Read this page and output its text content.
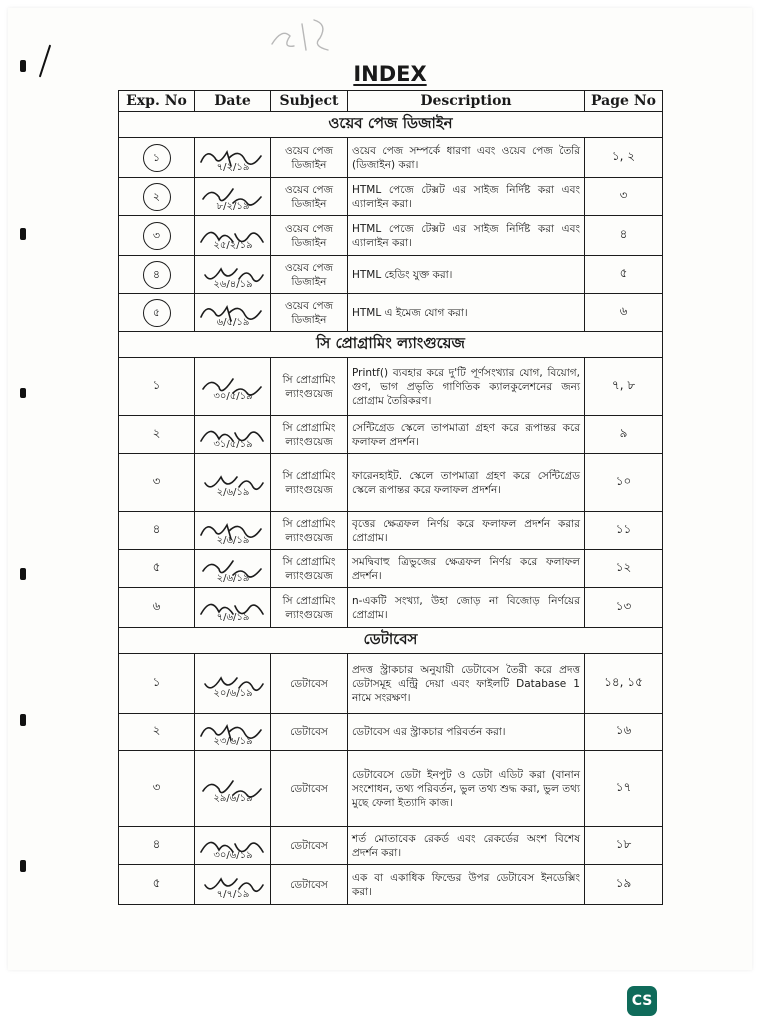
INDEX
Exp. No	Date	Subject	Description	Page No
ওয়েব পেজ ডিজাইন				
১	৭/২/১৯	ওয়েব পেজ ডিজাইন	ওয়েব পেজ সম্পর্কে ধারণা এবং ওয়েব পেজ তৈরি (ডিজাইন) করা।	১, ২
২	৮/২/১৯	ওয়েব পেজ ডিজাইন	HTML পেজে টেক্সট এর সাইজ নির্দিষ্ট করা এবং এ্যালাইন করা।	৩
৩	২৫/২/১৯	ওয়েব পেজ ডিজাইন	HTML পেজে টেক্সট এর সাইজ নির্দিষ্ট করা এবং এ্যালাইন করা।	৪
৪	২৬/৪/১৯	ওয়েব পেজ ডিজাইন	HTML হেডিং যুক্ত করা।	৫
৫	৬/৫/১৯	ওয়েব পেজ ডিজাইন	HTML এ ইমেজ যোগ করা।	৬
সি প্রোগ্রামিং ল্যাংগুয়েজ				
১	৩০/৫/১৯	সি প্রোগ্রামিং ল্যাংগুয়েজ	Printf() ব্যবহার করে দু'টি পূর্ণসংখ্যার যোগ, বিয়োগ, গুণ, ভাগ প্রভৃতি গাণিতিক ক্যালকুলেশনের জন্য প্রোগ্রাম তৈরিকরণ।	৭, ৮
২	৩১/৫/১৯	সি প্রোগ্রামিং ল্যাংগুয়েজ	সেন্টিগ্রেড স্কেলে তাপমাত্রা গ্রহণ করে রূপান্তর করে ফলাফল প্রদর্শন।	৯
৩	২/৬/১৯	সি প্রোগ্রামিং ল্যাংগুয়েজ	ফারেনহাইট. স্কেলে তাপমাত্রা গ্রহণ করে সেন্টিগ্রেড স্কেলে রূপান্তর করে ফলাফল প্রদর্শন।	১০
৪	২/৬/১৯	সি প্রোগ্রামিং ল্যাংগুয়েজ	বৃত্তের ক্ষেত্রফল নির্ণয় করে ফলাফল প্রদর্শন করার প্রোগ্রাম।	১১
৫	২/৬/১৯	সি প্রোগ্রামিং ল্যাংগুয়েজ	সমদ্বিবাহু ত্রিভুজের ক্ষেত্রফল নির্ণয় করে ফলাফল প্রদর্শন।	১২
৬	৭/৬/১৯	সি প্রোগ্রামিং ল্যাংগুয়েজ	n-একটি সংখ্যা, উহা জোড় না বিজোড় নির্ণয়ের প্রোগ্রাম।	১৩
ডেটাবেস				
১	২০/৬/১৯	ডেটাবেস	প্রদত্ত স্ট্রাকচার অনুযায়ী ডেটাবেস তৈরী করে প্রদত্ত ডেটাসমূহ এন্ট্রি দেয়া এবং ফাইলটি Database 1 নামে সংরক্ষণ।	১৪, ১৫
২	২৩/৬/১৯	ডেটাবেস	ডেটাবেস এর স্ট্রাকচার পরিবর্তন করা।	১৬
৩	২৯/৬/১৯	ডেটাবেস	ডেটাবেসে ডেটা ইনপুট ও ডেটা এডিট করা (বানান সংশোধন, তথ্য পরিবর্তন, ভুল তথ্য শুদ্ধ করা, ভুল তথ্য মুছে ফেলা ইত্যাদি কাজ।	১৭
৪	৩০/৬/১৯	ডেটাবেস	শর্ত মোতাবেক রেকর্ড এবং রেকর্ডের অংশ বিশেষ প্রদর্শন করা।	১৮
৫	৭/৭/১৯	ডেটাবেস	এক বা একাধিক ফিল্ডের উপর ডেটাবেস ইনডেক্সিং করা।	১৯
CS
